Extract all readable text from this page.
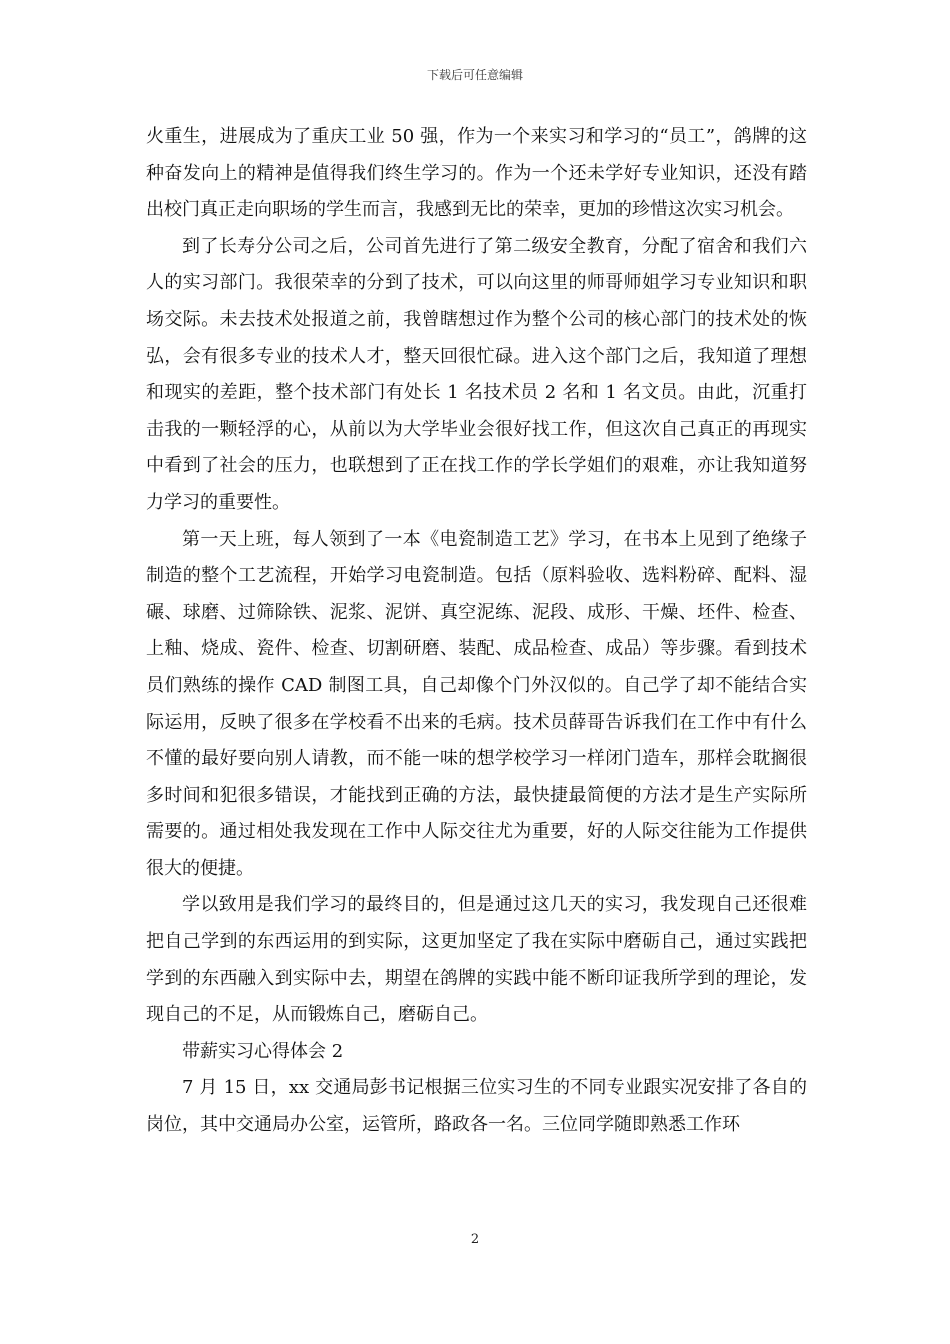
下载后可任意编辑

火重生，进展成为了重庆工业 50 强，作为一个来实习和学习的“员工”，鸽牌的这种奋发向上的精神是值得我们终生学习的。作为一个还未学好专业知识，还没有踏出校门真正走向职场的学生而言，我感到无比的荣幸，更加的珍惜这次实习机会。

到了长寿分公司之后，公司首先进行了第二级安全教育，分配了宿舍和我们六人的实习部门。我很荣幸的分到了技术，可以向这里的师哥师姐学习专业知识和职场交际。未去技术处报道之前，我曾瞎想过作为整个公司的核心部门的技术处的恢弘，会有很多专业的技术人才，整天回很忙碌。进入这个部门之后，我知道了理想和现实的差距，整个技术部门有处长 1 名技术员 2 名和 1 名文员。由此，沉重打击我的一颗轻浮的心，从前以为大学毕业会很好找工作，但这次自己真正的再现实中看到了社会的压力，也联想到了正在找工作的学长学姐们的艰难，亦让我知道努力学习的重要性。

第一天上班，每人领到了一本《电瓷制造工艺》学习，在书本上见到了绝缘子制造的整个工艺流程，开始学习电瓷制造。包括（原料验收、选料粉碎、配料、湿碾、球磨、过筛除铁、泥浆、泥饼、真空泥练、泥段、成形、干燥、坯件、检查、上釉、烧成、瓷件、检查、切割研磨、装配、成品检查、成品）等步骤。看到技术员们熟练的操作 CAD 制图工具，自己却像个门外汉似的。自己学了却不能结合实际运用，反映了很多在学校看不出来的毛病。技术员薛哥告诉我们在工作中有什么不懂的最好要向别人请教，而不能一味的想学校学习一样闭门造车，那样会耽搁很多时间和犯很多错误，才能找到正确的方法，最快捷最简便的方法才是生产实际所需要的。通过相处我发现在工作中人际交往尤为重要，好的人际交往能为工作提供很大的便捷。

学以致用是我们学习的最终目的，但是通过这几天的实习，我发现自己还很难把自己学到的东西运用的到实际，这更加坚定了我在实际中磨砺自己，通过实践把学到的东西融入到实际中去，期望在鸽牌的实践中能不断印证我所学到的理论，发现自己的不足，从而锻炼自己，磨砺自己。

带薪实习心得体会 2

7 月 15 日，xx 交通局彭书记根据三位实习生的不同专业跟实况安排了各自的岗位，其中交通局办公室，运管所，路政各一名。三位同学随即熟悉工作环

2
